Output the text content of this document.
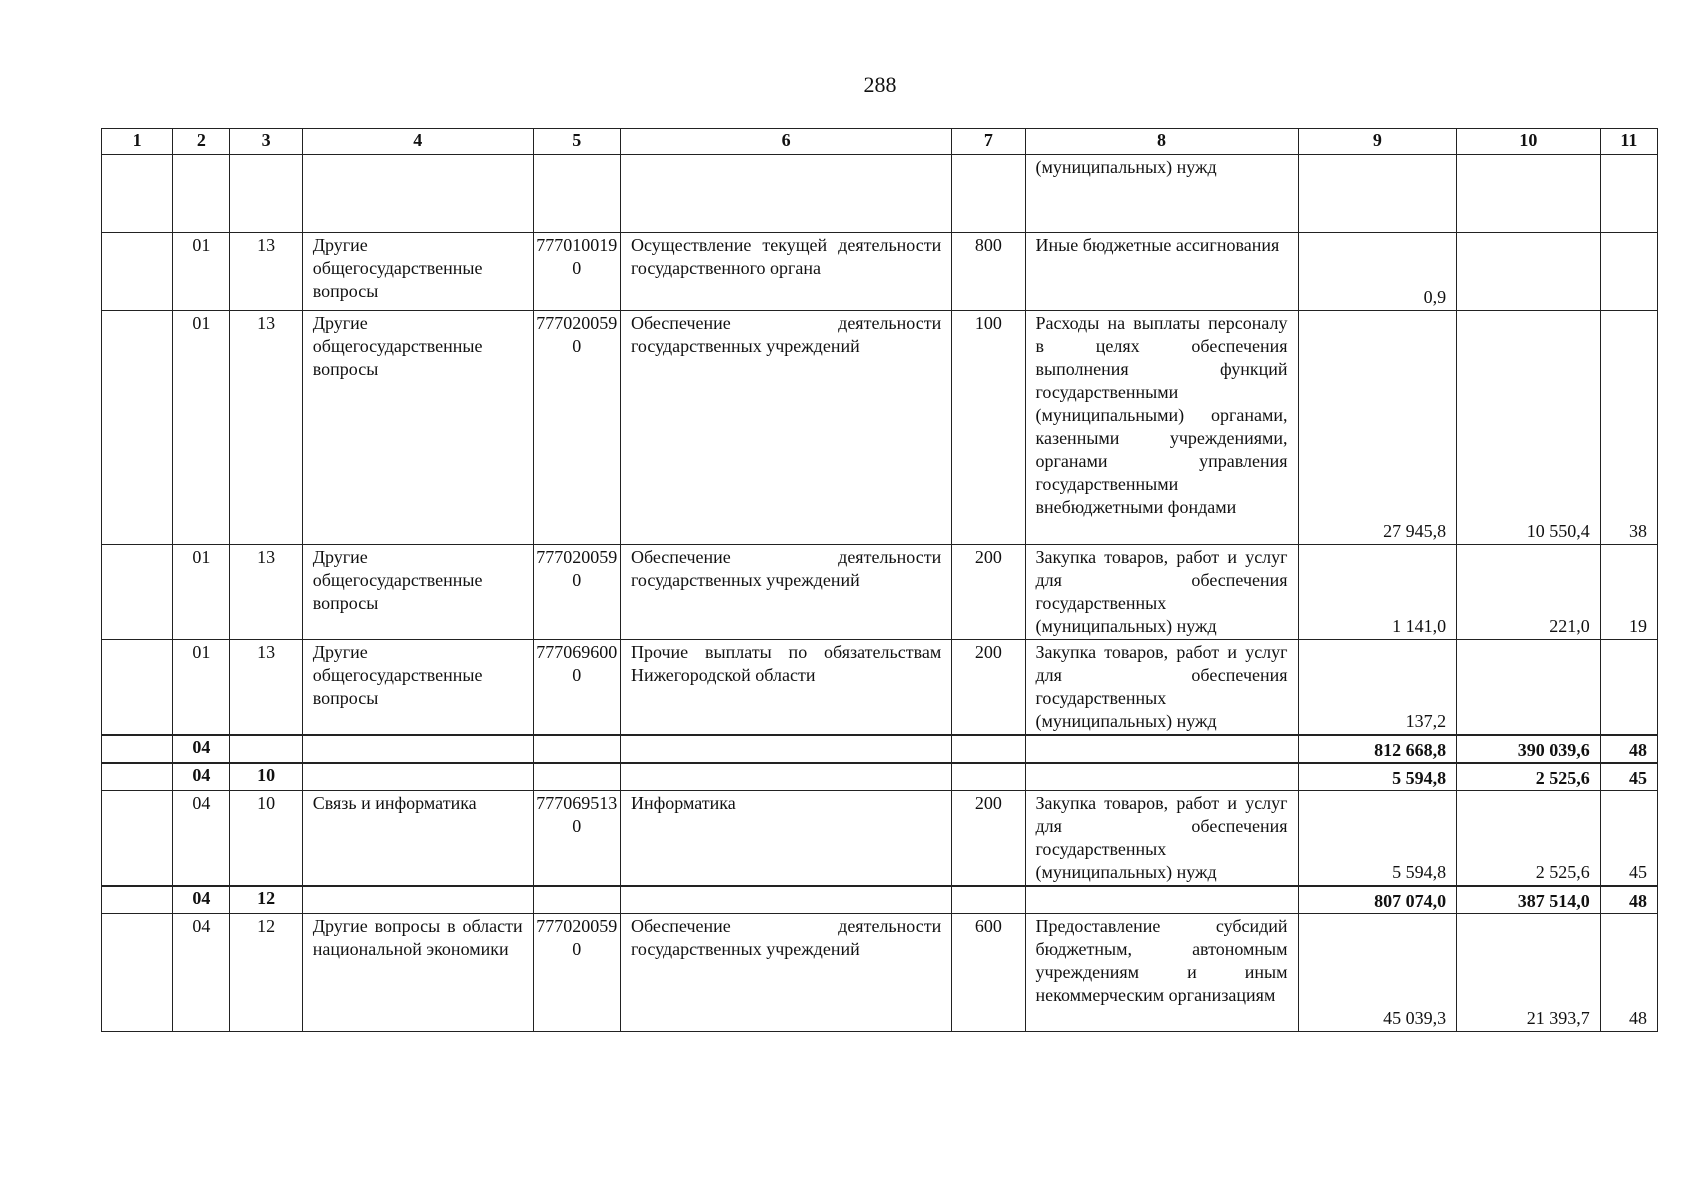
288
1	2	3	4	5	6	7	8	9	10	11
							(муниципальных) нужд			
	01	13	Другие общегосударственные вопросы	7770100190	Осуществление текущей деятельности государственного органа	800	Иные бюджетные ассигнования	0,9		
	01	13	Другие общегосударственные вопросы	7770200590	Обеспечение деятельности государственных учреждений	100	Расходы на выплаты персоналу в целях обеспечения выполнения функций государственными (муниципальными) органами, казенными учреждениями, органами управления государственными внебюджетными фондами	27 945,8	10 550,4	38
	01	13	Другие общегосударственные вопросы	7770200590	Обеспечение деятельности государственных учреждений	200	Закупка товаров, работ и услуг для обеспечения государственных (муниципальных) нужд	1 141,0	221,0	19
	01	13	Другие общегосударственные вопросы	7770696000	Прочие выплаты по обязательствам Нижегородской области	200	Закупка товаров, работ и услуг для обеспечения государственных (муниципальных) нужд	137,2		
	04							812 668,8	390 039,6	48
	04	10						5 594,8	2 525,6	45
	04	10	Связь и информатика	7770695130	Информатика	200	Закупка товаров, работ и услуг для обеспечения государственных (муниципальных) нужд	5 594,8	2 525,6	45
	04	12						807 074,0	387 514,0	48
	04	12	Другие вопросы в области национальной экономики	7770200590	Обеспечение деятельности государственных учреждений	600	Предоставление субсидий бюджетным, автономным учреждениям и иным некоммерческим организациям	45 039,3	21 393,7	48
